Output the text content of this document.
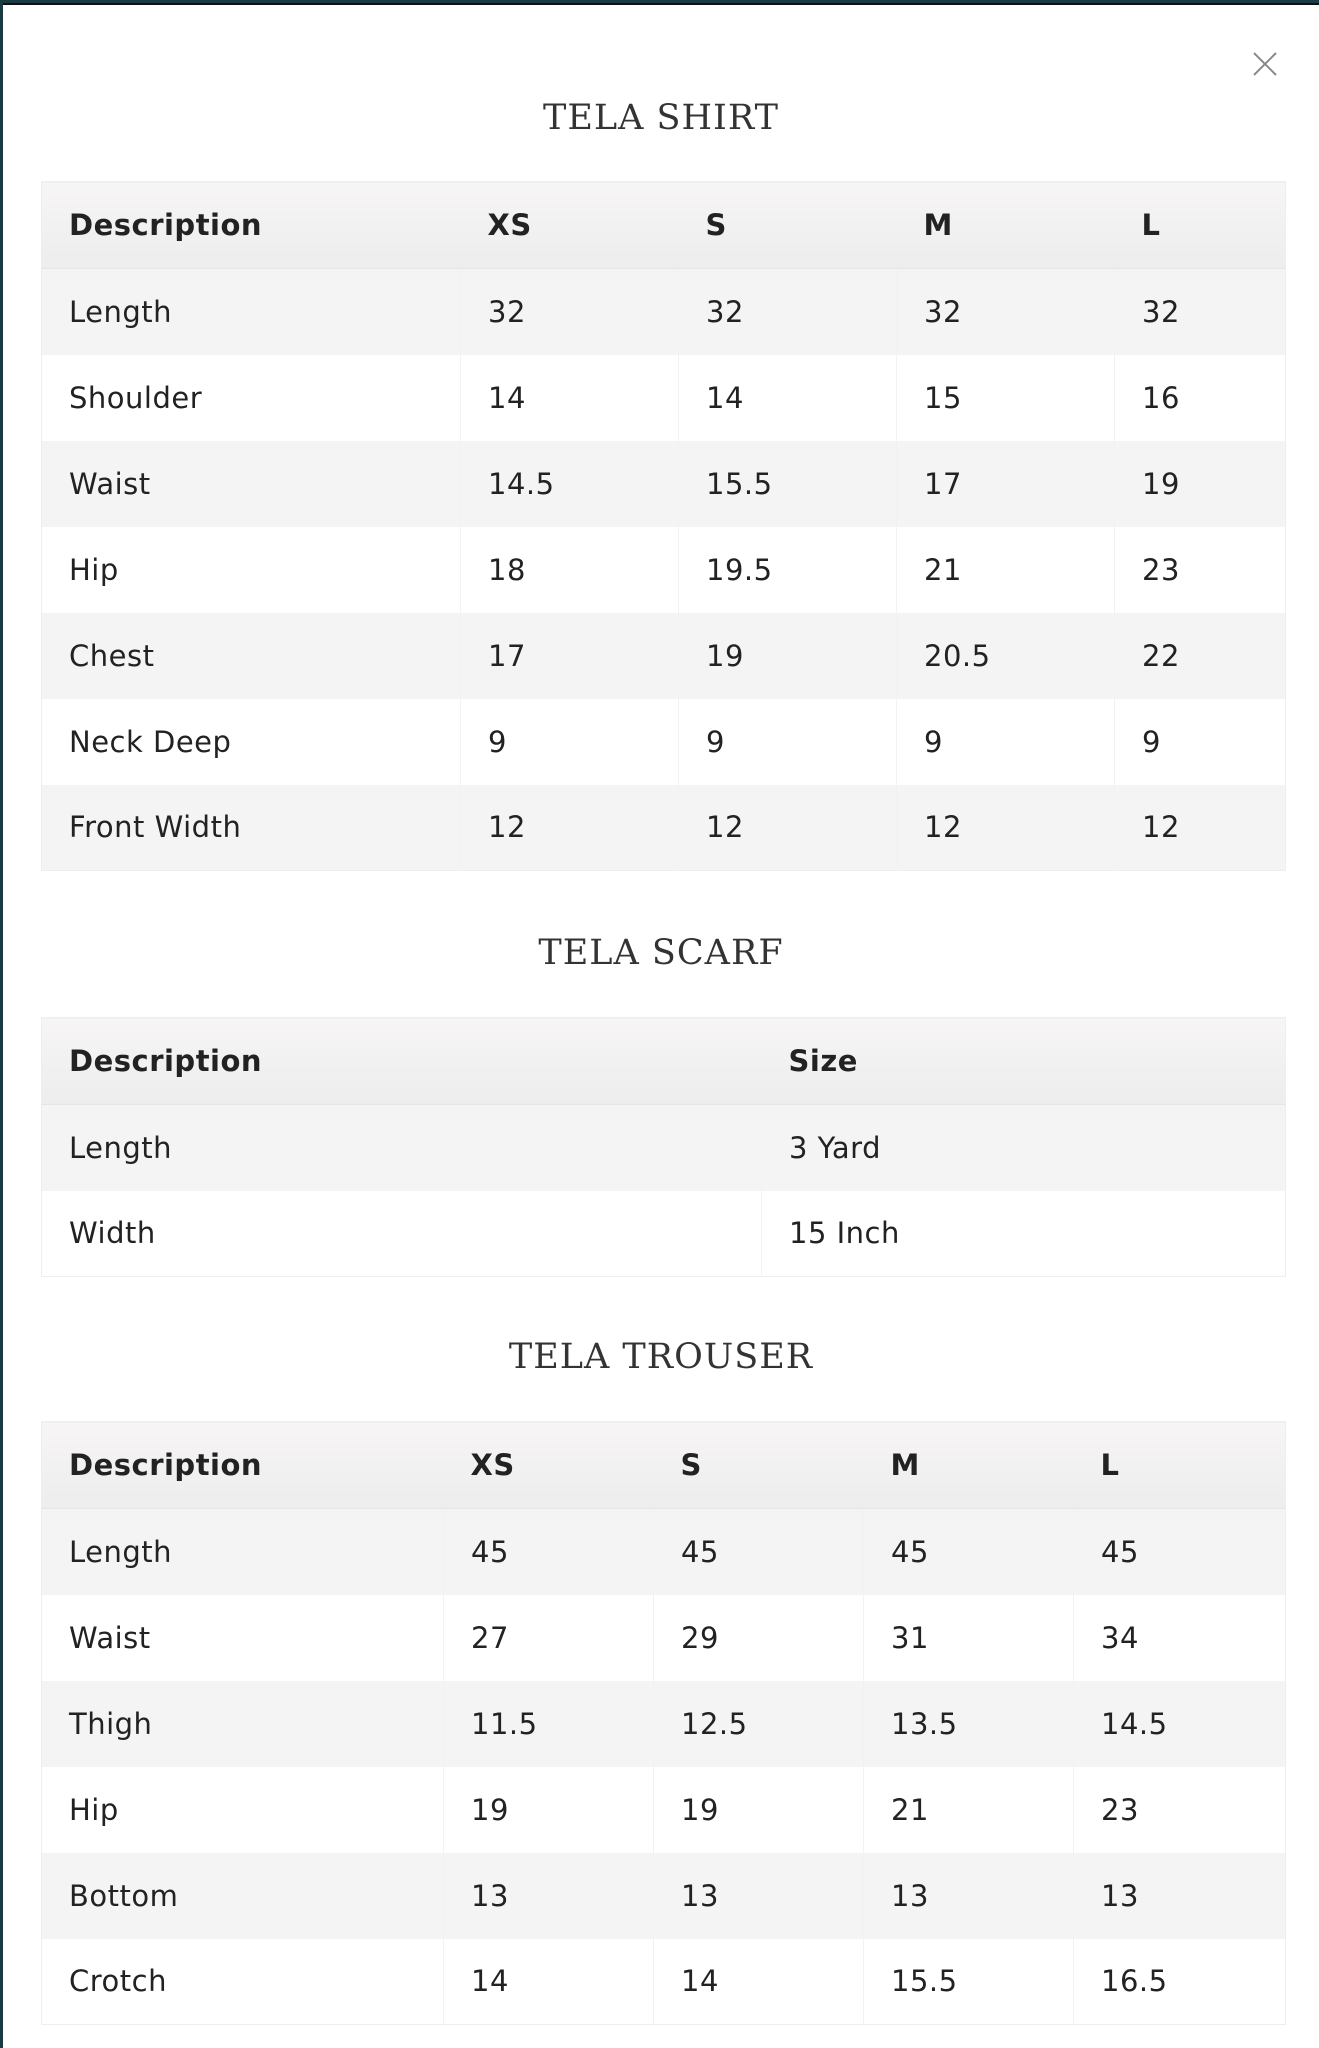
TELA SHIRT
Description	XS	S	M	L
Length	32	32	32	32
Shoulder	14	14	15	16
Waist	14.5	15.5	17	19
Hip	18	19.5	21	23
Chest	17	19	20.5	22
Neck Deep	9	9	9	9
Front Width	12	12	12	12
TELA SCARF
Description	Size
Length	3 Yard
Width	15 Inch
TELA TROUSER
Description	XS	S	M	L
Length	45	45	45	45
Waist	27	29	31	34
Thigh	11.5	12.5	13.5	14.5
Hip	19	19	21	23
Bottom	13	13	13	13
Crotch	14	14	15.5	16.5
